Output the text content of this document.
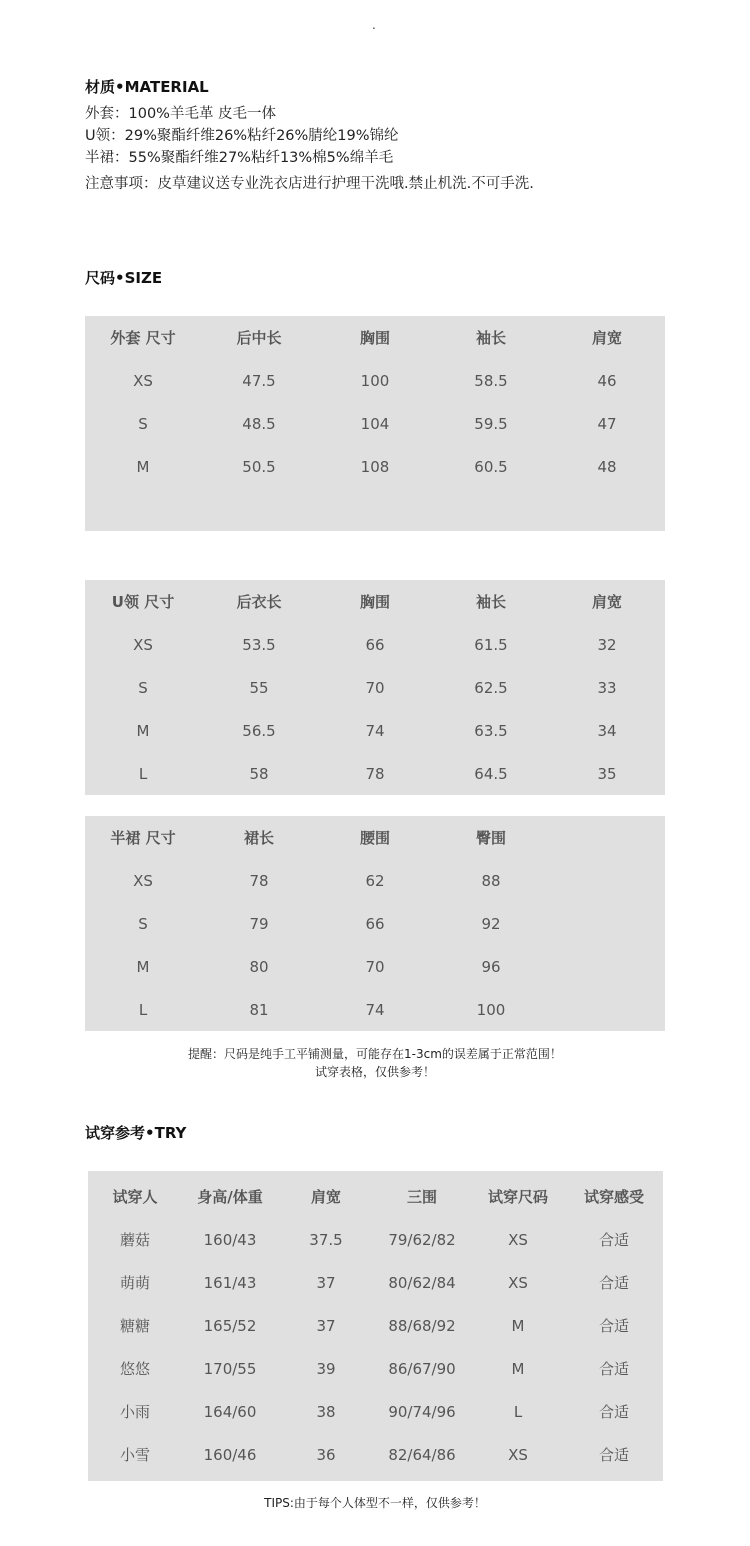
.
材质•MATERIAL
外套：100%羊毛革 皮毛一体
U领：29%聚酯纤维26%粘纤26%腈纶19%锦纶
半裙：55%聚酯纤维27%粘纤13%棉5%绵羊毛
注意事项：皮草建议送专业洗衣店进行护理干洗哦.禁止机洗.不可手洗.
尺码•SIZE
外套 尺寸	后中长	胸围	袖长	肩宽
XS	47.5	100	58.5	46
S	48.5	104	59.5	47
M	50.5	108	60.5	48
U领 尺寸	后衣长	胸围	袖长	肩宽
XS	53.5	66	61.5	32
S	55	70	62.5	33
M	56.5	74	63.5	34
L	58	78	64.5	35
半裙 尺寸	裙长	腰围	臀围
XS	78	62	88
S	79	66	92
M	80	70	96
L	81	74	100
提醒：尺码是纯手工平铺测量，可能存在1-3cm的误差属于正常范围！
试穿表格，仅供参考！
试穿参考•TRY
试穿人	身高/体重	肩宽	三围	试穿尺码	试穿感受
蘑菇	160/43	37.5	79/62/82	XS	合适
萌萌	161/43	37	80/62/84	XS	合适
糖糖	165/52	37	88/68/92	M	合适
悠悠	170/55	39	86/67/90	M	合适
小雨	164/60	38	90/74/96	L	合适
小雪	160/46	36	82/64/86	XS	合适
TIPS:由于每个人体型不一样，仅供参考！
